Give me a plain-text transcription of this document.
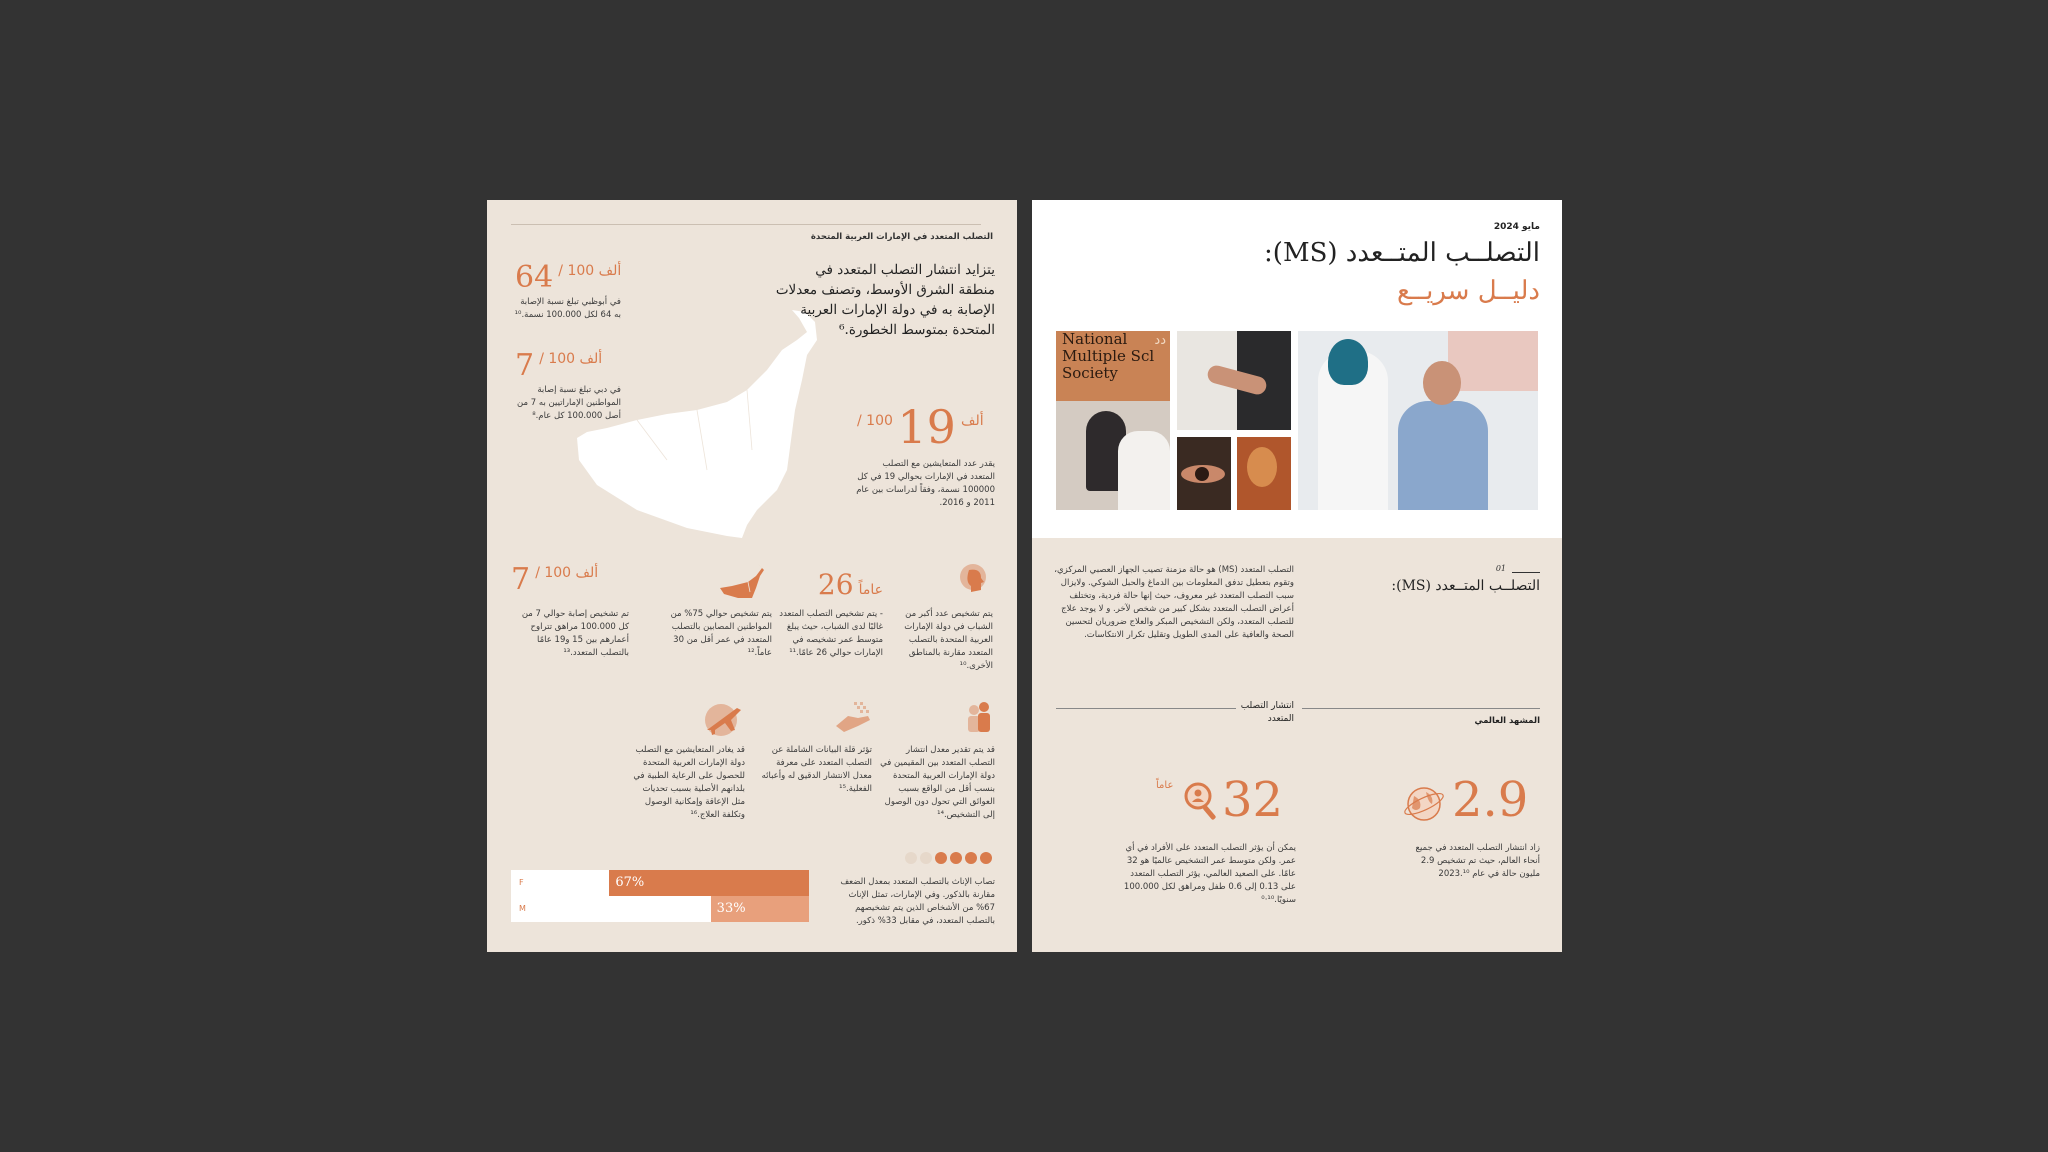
التصلب المتعدد في الإمارات العربية المتحدة
يتزايد انتشار التصلب المتعدد في منطقة الشرق الأوسط، وتصنف معدلات الإصابة به في دولة الإمارات العربية المتحدة بمتوسط الخطورة.⁶
64 / 100 ألف
في أبوظبي تبلغ نسبة الإصابة به 64 لكل 100.000 نسمة.¹⁰
7 / 100 ألف
في دبي تبلغ نسبة إصابة المواطنين الإماراتيين به 7 من أصل 100.000 كل عام.⁸	/ 100 ألف 19
يقدر عدد المتعايشين مع التصلب المتعدد في الإمارات بحوالي 19 في كل 100000 نسمة، وفقاً لدراسات بين عام 2011 و 2016.
يتم تشخيص عدد أكبر من الشباب في دولة الإمارات العربية المتحدة بالتصلب المتعدد مقارنة بالمناطق الأخرى.¹⁰
عاماً 26
- يتم تشخيص التصلب المتعدد غالبًا لدى الشباب، حيث يبلغ متوسط عمر تشخيصه في الإمارات حوالي 26 عامًا.¹¹
يتم تشخيص حوالي 75% من المواطنين المصابين بالتصلب المتعدد في عمر أقل من 30 عاماً.¹²
7 / 100 ألف
تم تشخيص إصابة حوالي 7 من كل 100.000 مراهق تتراوح أعمارهم بين 15 و19 عامًا بالتصلب المتعدد.¹³
قد يتم تقدير معدل انتشار التصلب المتعدد بين المقيمين في دولة الإمارات العربية المتحدة بنسب أقل من الواقع بسبب العوائق التي تحول دون الوصول إلى التشخيص.¹⁴
تؤثر قلة البيانات الشاملة عن التصلب المتعدد على معرفة معدل الانتشار الدقيق له وأعبائه الفعلية.¹⁵
قد يغادر المتعايشين مع التصلب دولة الإمارات العربية المتحدة للحصول على الرعاية الطبية في بلدانهم الأصلية بسبب تحديات مثل الإعاقة وإمكانية الوصول وتكلفة العلاج.¹⁶
F	67%
M	33%
تصاب الإناث بالتصلب المتعدد بمعدل الضعف مقارنة بالذكور. وفي الإمارات، تمثل الإناث 67% من الأشخاص الذين يتم تشخيصهم بالتصلب المتعدد، في مقابل 33% ذكور.
مايو 2024
التصلــب المتــعدد (MS):
دليــل سريــع
National Multiple Scl Society
دد
01
التصلــب المتــعدد (MS):
التصلب المتعدد (MS) هو حالة مزمنة تصيب الجهاز العصبي المركزي، وتقوم بتعطيل تدفق المعلومات بين الدماغ والحبل الشوكي. ولايزال سبب التصلب المتعدد غير معروف، حيث إنها حالة فردية، وتختلف أعراض التصلب المتعدد بشكل كبير من شخص لآخر. و لا يوجد علاج للتصلب المتعدد، ولكن التشخيص المبكر والعلاج ضروريان لتحسين الصحة والعافية على المدى الطويل وتقليل تكرار الانتكاسات.
المشهد العالمي
انتشار التصلب المتعدد
2.9
زاد انتشار التصلب المتعدد في جميع أنحاء العالم، حيث تم تشخيص 2.9 مليون حالة في عام 2023.¹⁰
عاماً 32
يمكن أن يؤثر التصلب المتعدد على الأفراد في أي عمر. ولكن متوسط عمر التشخيص عالميًا هو 32 عامًا. على الصعيد العالمي، يؤثر التصلب المتعدد على 0.13 إلى 0.6 طفل ومراهق لكل 100.000 سنويًا.¹⁰·⁰
